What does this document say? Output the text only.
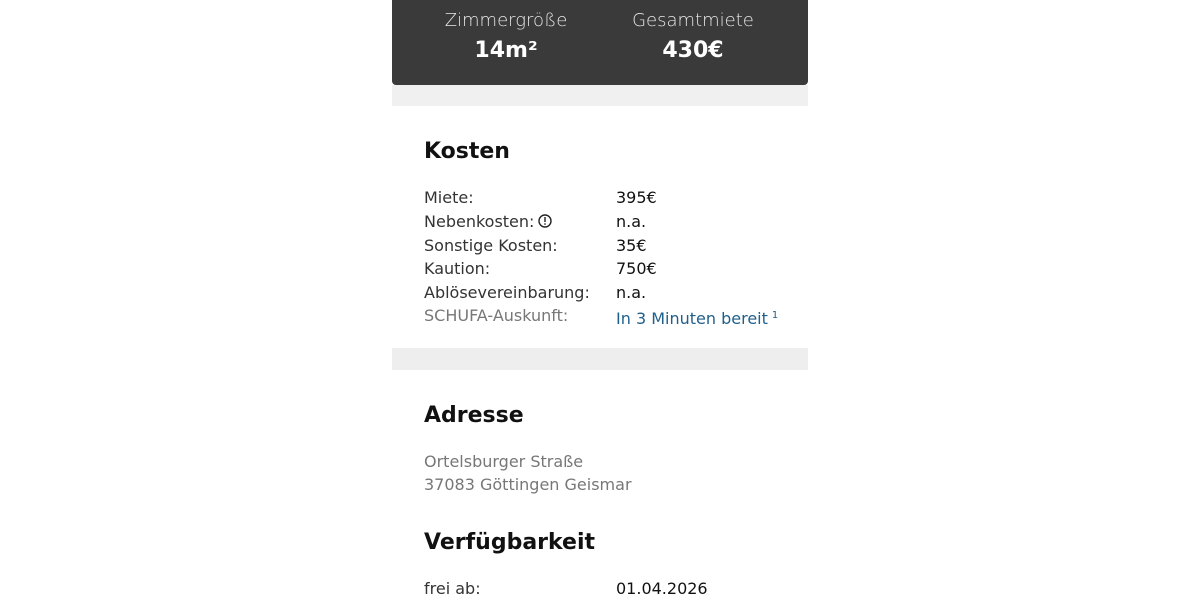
Zimmergröße
14m²
Gesamtmiete
430€
Kosten
Miete:	395€
Nebenkosten:	n.a.
Sonstige Kosten:	35€
Kaution:	750€
Ablösevereinbarung: n.a.
SCHUFA-Auskunft:	In 3 Minuten bereit $^1$
Adresse
Ortelsburger Straße
37083 Göttingen Geismar
Verfügbarkeit
frei ab:	01.04.2026
